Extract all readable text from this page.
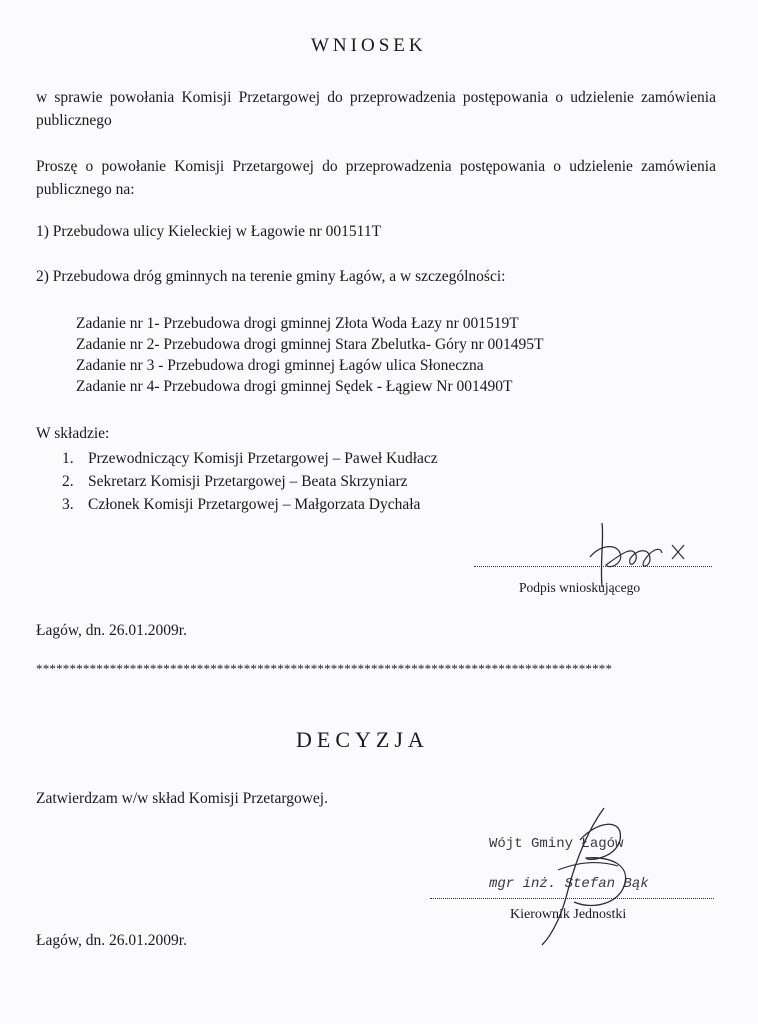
WNIOSEK
w sprawie powołania Komisji Przetargowej do przeprowadzenia postępowania o udzielenie zamówienia publicznego
Proszę o powołanie Komisji Przetargowej do przeprowadzenia postępowania o udzielenie zamówienia publicznego na:
1) Przebudowa ulicy Kieleckiej w Łagowie nr 001511T
2) Przebudowa dróg gminnych na terenie gminy Łagów, a w szczególności:
Zadanie nr 1- Przebudowa drogi gminnej Złota Woda Łazy nr 001519T
Zadanie nr 2- Przebudowa drogi gminnej Stara Zbelutka- Góry nr 001495T
Zadanie nr 3 - Przebudowa drogi gminnej Łagów ulica Słoneczna
Zadanie nr 4- Przebudowa drogi gminnej Sędek - Łągiew Nr 001490T
W składzie:
1. Przewodniczący Komisji Przetargowej – Paweł Kudłacz
2. Sekretarz Komisji Przetargowej – Beata Skrzyniarz
3. Członek Komisji Przetargowej – Małgorzata Dychała
Podpis wnioskującego
Łagów, dn. 26.01.2009r.
**************************************************************************************
DECYZJA
Zatwierdzam w/w skład Komisji Przetargowej.
Wójt Gminy Łagów
mgr inż. Stefan Bąk
Kierownik Jednostki
Łagów, dn. 26.01.2009r.
